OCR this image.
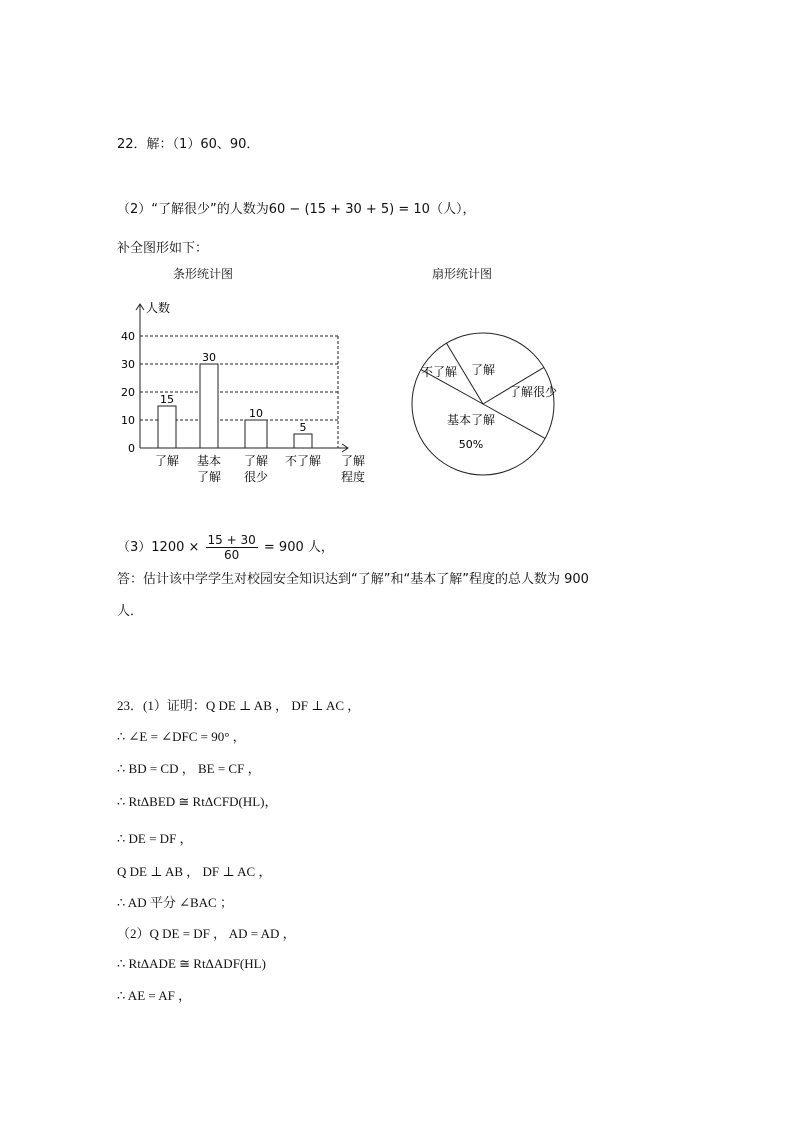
22．解：（1）60、90．
（2）“了解很少”的人数为60 − (15 + 30 + 5) = 10（人），
补全图形如下：
条形统计图	扇形统计图
人数
0
10
20
30
40
15
了解
30
基本
了解
10
了解
很少
5
不了解 了解
程度
不了解 了解
了解很少
基本了解
50%
$(3)1200 \times \frac{15 + 30}{60} = 900$ 人，
答：估计该中学学生对校园安全知识达到“了解”和“基本了解”程度的总人数为 900
人．
23．(1）证明：Q DE ⊥ AB ， DF ⊥ AC ，
∴ ∠E = ∠DFC = 90° ，
∴ BD = CD ， BE = CF ，
∴ RtΔBED ≅ RtΔCFD(HL)，
∴ DE = DF ，
Q DE ⊥ AB ， DF ⊥ AC ，
∴ AD 平分 ∠BAC ；
（2）Q DE = DF ， AD = AD ，
∴ RtΔADE ≅ RtΔADF(HL)
∴ AE = AF ，
